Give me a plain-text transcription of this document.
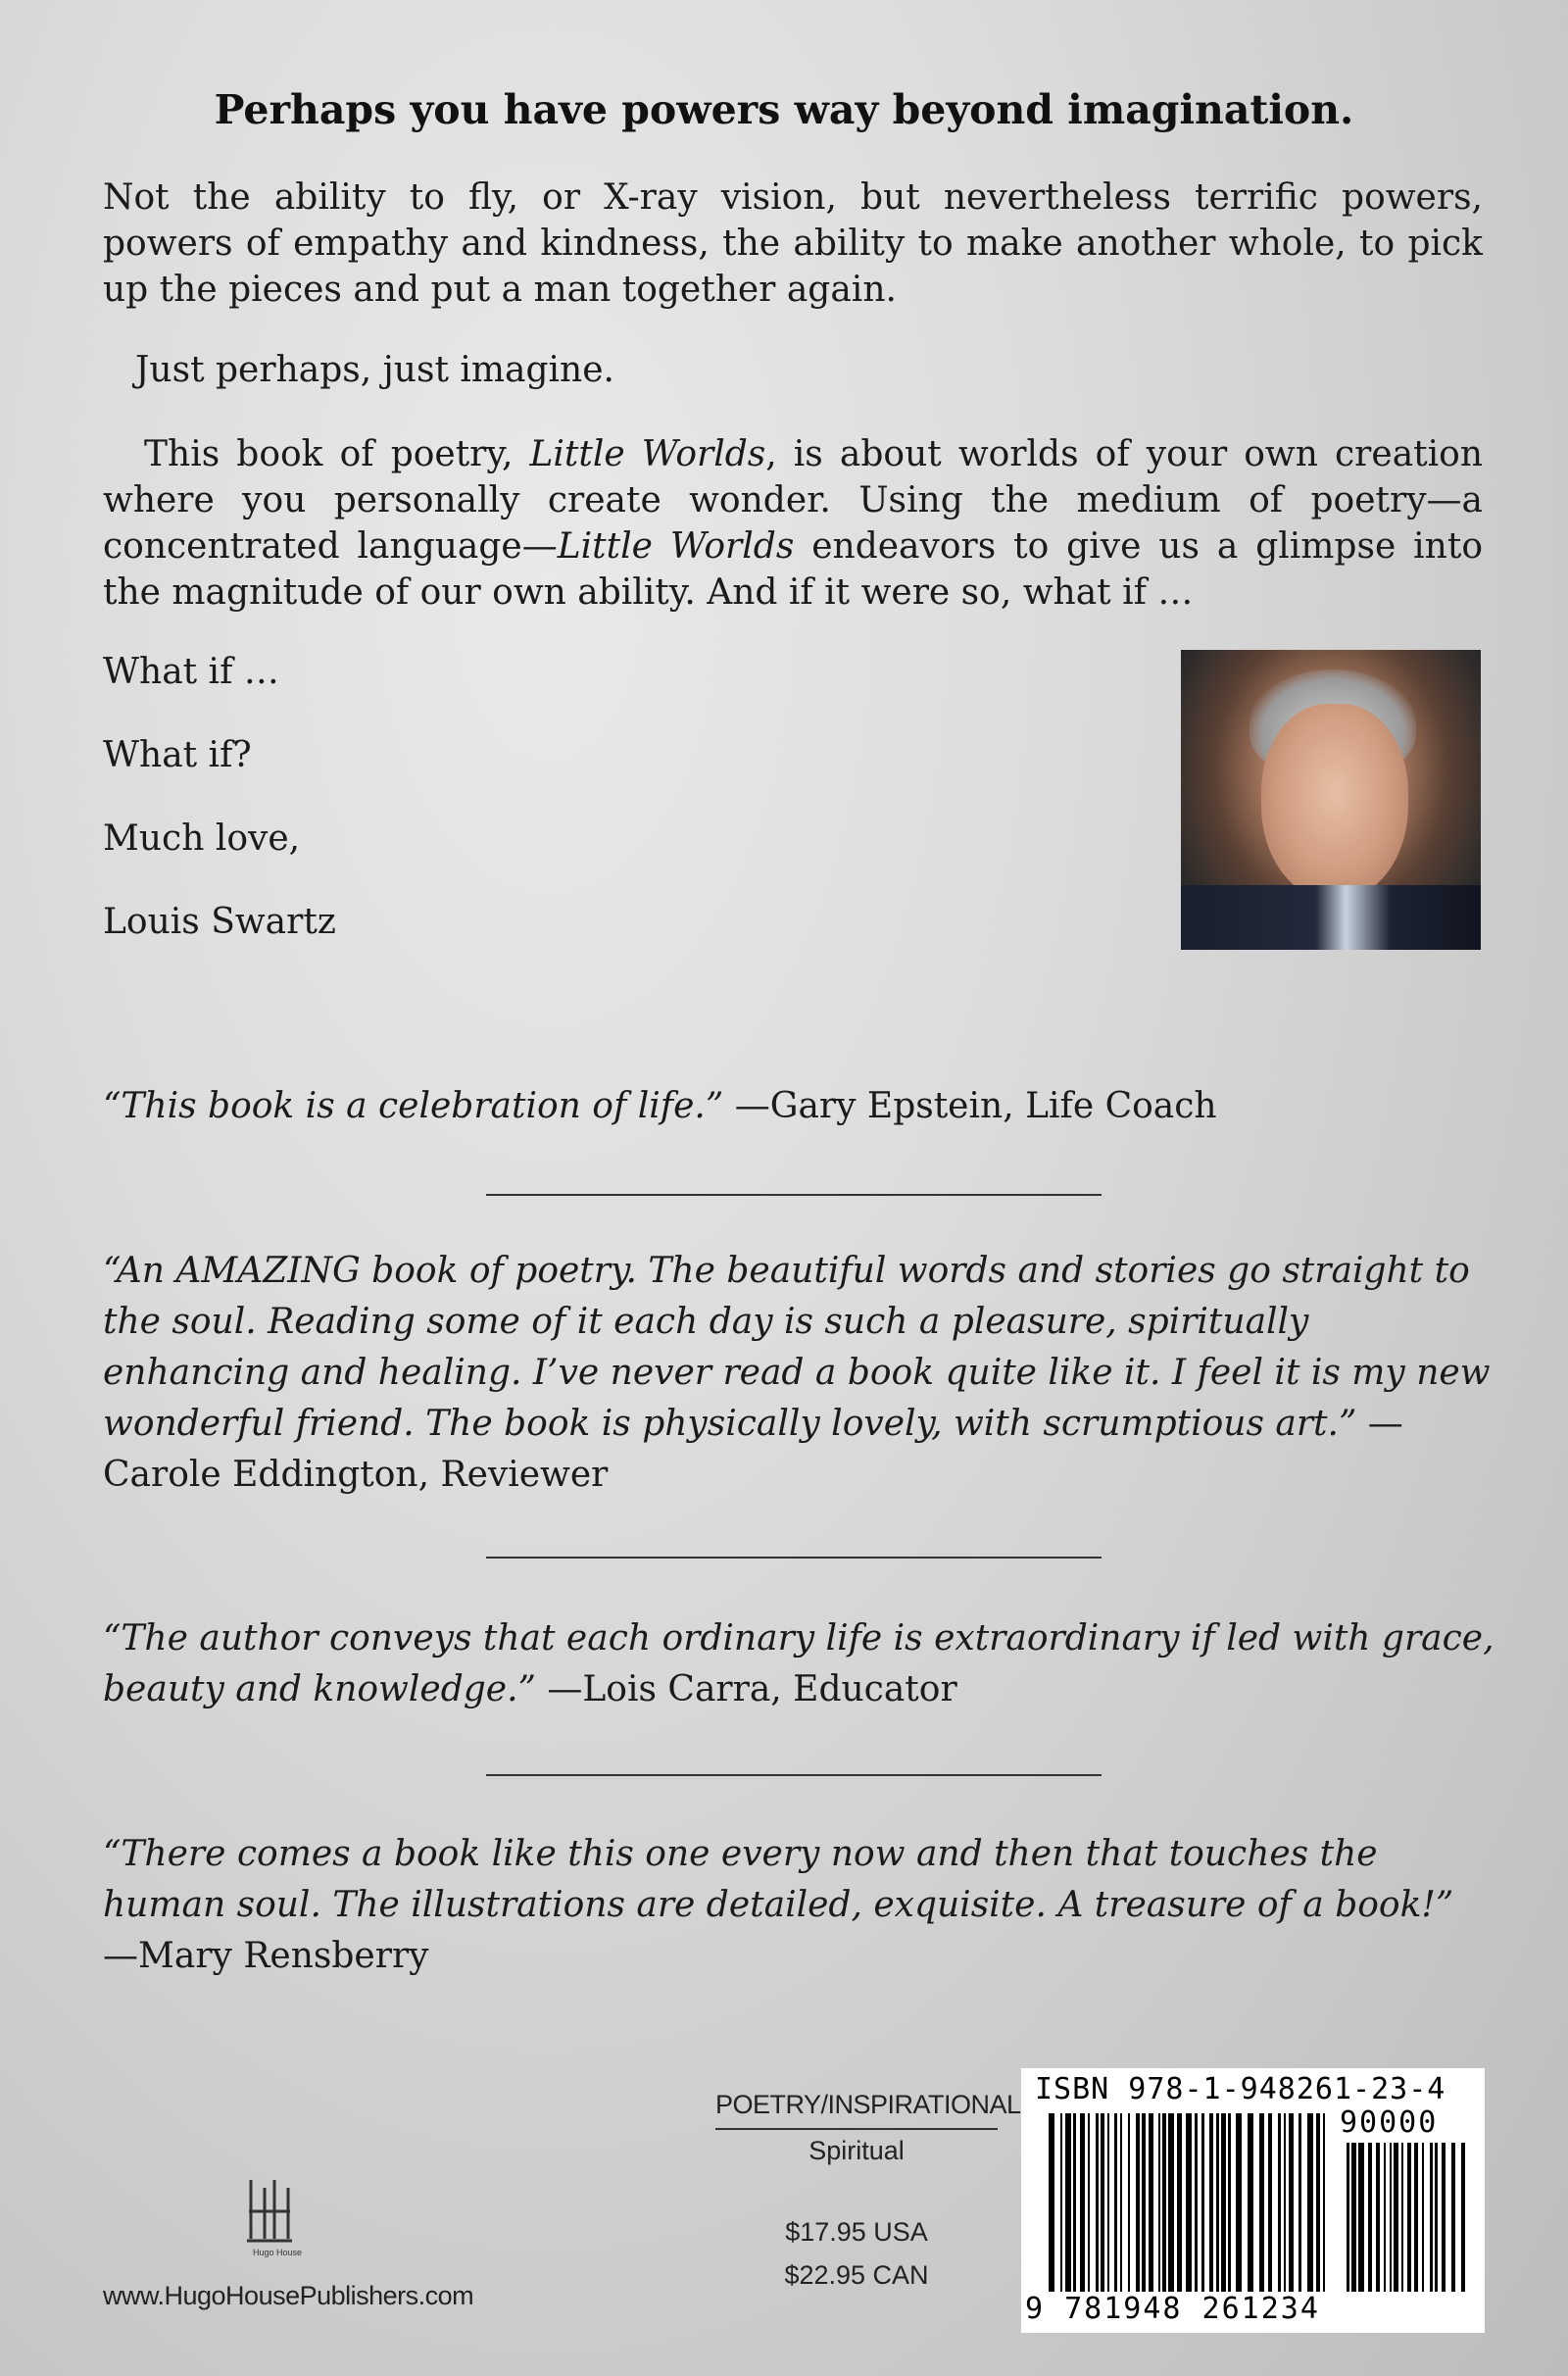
Perhaps you have powers way beyond imagination.

Not the ability to fly, or X-ray vision, but nevertheless terrific powers, powers of empathy and kindness, the ability to make another whole, to pick up the pieces and put a man together again.

Just perhaps, just imagine.

This book of poetry, Little Worlds, is about worlds of your own creation where you personally create wonder. Using the medium of poetry—a concentrated language—Little Worlds endeavors to give us a glimpse into the magnitude of our own ability. And if it were so, what if …

What if …

What if?

Much love,

Louis Swartz

“This book is a celebration of life.” —Gary Epstein, Life Coach

“An AMAZING book of poetry. The beautiful words and stories go straight to the soul. Reading some of it each day is such a pleasure, spiritually enhancing and healing. I’ve never read a book quite like it. I feel it is my new wonderful friend. The book is physically lovely, with scrumptious art.” —Carole Eddington, Reviewer

“The author conveys that each ordinary life is extraordinary if led with grace, beauty and knowledge.” —Lois Carra, Educator

“There comes a book like this one every now and then that touches the human soul. The illustrations are detailed, exquisite. A treasure of a book!” —Mary Rensberry

Hugo House
www.HugoHousePublishers.com
POETRY/INSPIRATIONAL
Spiritual
$17.95 USA
$22.95 CAN
ISBN 978-1-948261-23-4
90000
9 781948 261234
